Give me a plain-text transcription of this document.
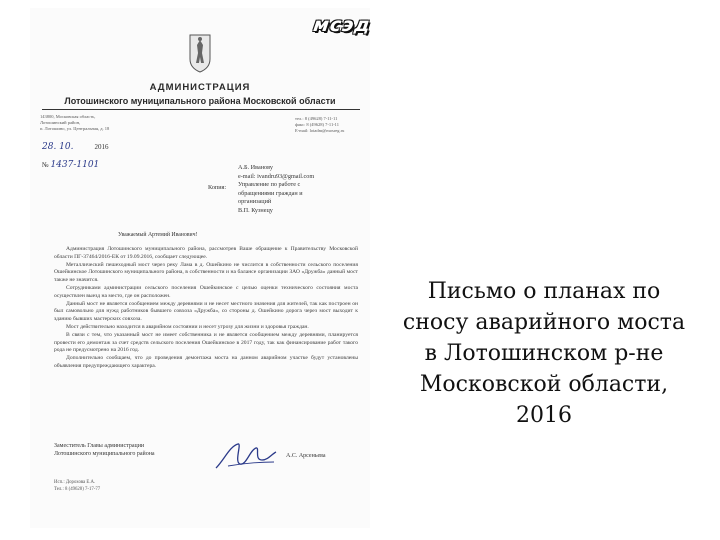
мсэд
АДМИНИСТРАЦИЯ
Лотошинского муниципального района Московской области
143800, Московская область,
Лотошинский район,
п. Лотошино, ул. Центральная, д. 18
тел.: 8 (49628) 7-11-11
факс: 8 (49628) 7-11-11
E-mail: lotadm@mosreg.ru
28. 10.	2016
№ 1437-1101
Копия:
А.Б. Иванову
e-mail: ivandru93@gmail.com
Управление по работе с
обращениями граждан и
организаций
В.П. Кузнецу
Уважаемый Артемий Иванович!

Администрация Лотошинского муниципального района, рассмотрев Ваше обращение к Правительству Московской области ПГ-37464/2016-ЕК от 19.09.2016, сообщает следующее.

Металлический пешеходный мост через реку Лама в д. Ошейкино не числится в собственности сельского поселения Ошейкинское Лотошинского муниципального района, в собственности и на балансе организации ЗАО «Дружба» данный мост также не значится.

Сотрудниками администрации сельского поселения Ошейкинское с целью оценки технического состояния моста осуществлен выезд на место, где он расположен.

Данный мост не является сообщением между деревнями и не несет местного значения для жителей, так как построен он был самовольно для нужд работников бывшего совхоза «Дружба», со стороны д. Ошейкино дорога через мост выходит к зданию бывших мастерских совхоза.

Мост действительно находится в аварийном состоянии и несет угрозу для жизни и здоровья граждан.

В связи с тем, что указанный мост не имеет собственника и не является сообщением между деревнями, планируется провести его демонтаж за счет средств сельского поселения Ошейкинское в 2017 году, так как финансирование работ такого рода не предусмотрено на 2016 год.

Дополнительно сообщаем, что до проведения демонтажа моста на данном аварийном участке будут установлены объявления предупреждающего характера.

Заместитель Главы администрации
Лотошинского муниципального района	А.С. Арсеньева
Исп.: Дорохова Е.А.
Тел.: 8 (49628) 7-17-77
Письмо о планах по сносу аварийного моста в Лотошинском р-не Московской области, 2016
